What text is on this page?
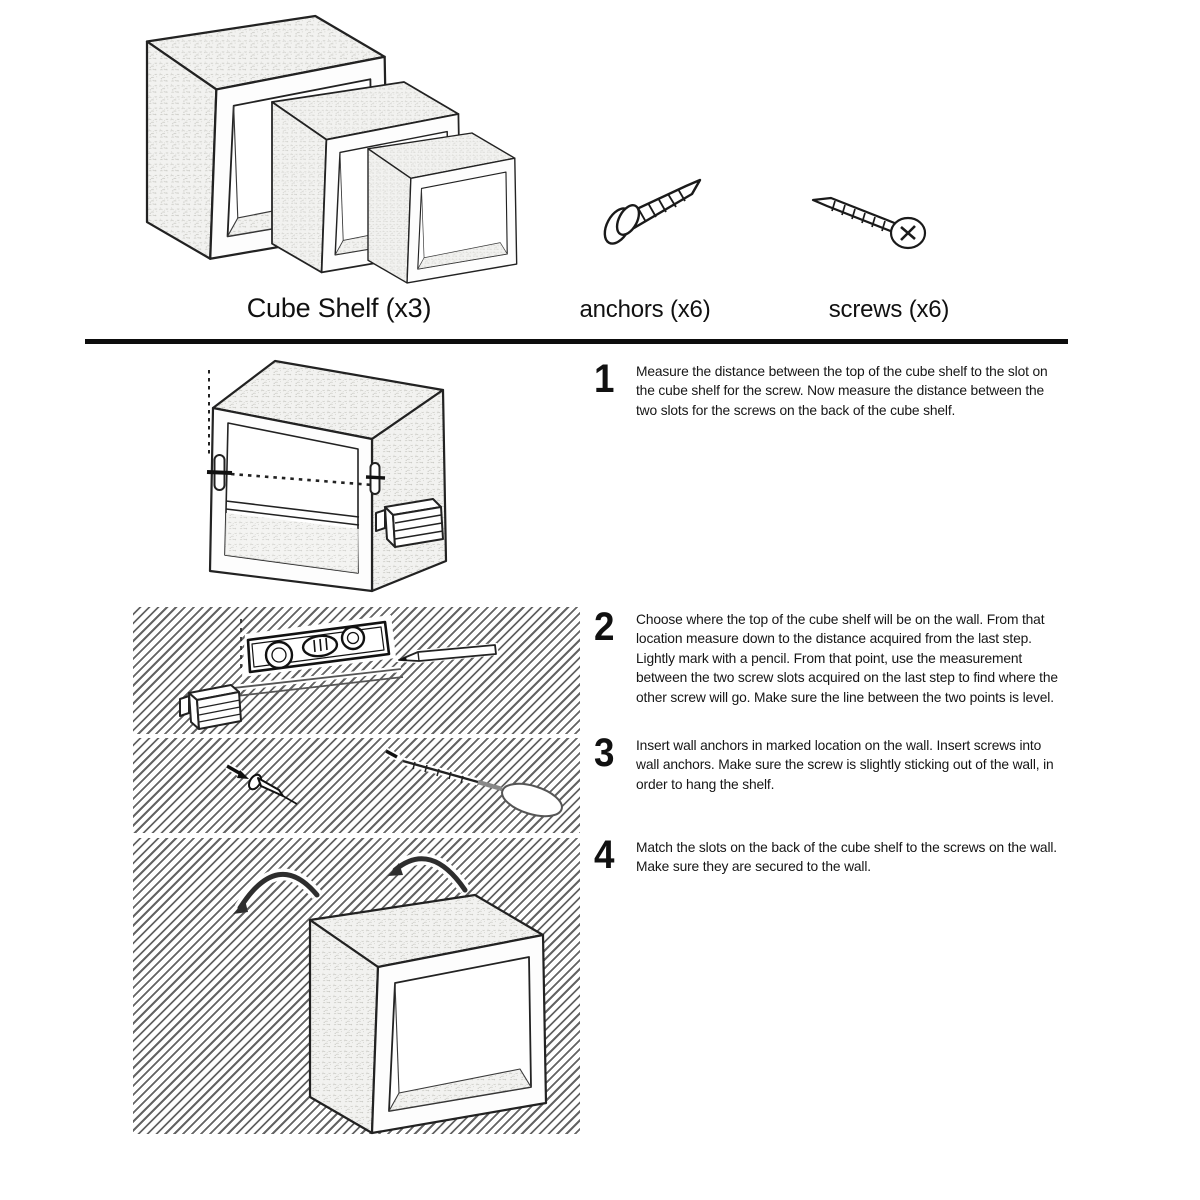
Cube Shelf (x3)	anchors (x6)	screws (x6)
1	Measure the distance between the top of the cube shelf to the slot on the cube shelf for the screw. Now measure the distance between the two slots for the screws on the back of the cube shelf.
2	Choose where the top of the cube shelf will be on the wall. From that location measure down to the distance acquired from the last step. Lightly mark with a pencil. From that point, use the measurement between the two screw slots acquired on the last step to find where the other screw will go. Make sure the line between the two points is level.
3	Insert wall anchors in marked location on the wall. Insert screws into wall anchors. Make sure the screw is slightly sticking out of the wall, in order to hang the shelf.
4	Match the slots on the back of the cube shelf to the screws on the wall. Make sure they are secured to the wall.
